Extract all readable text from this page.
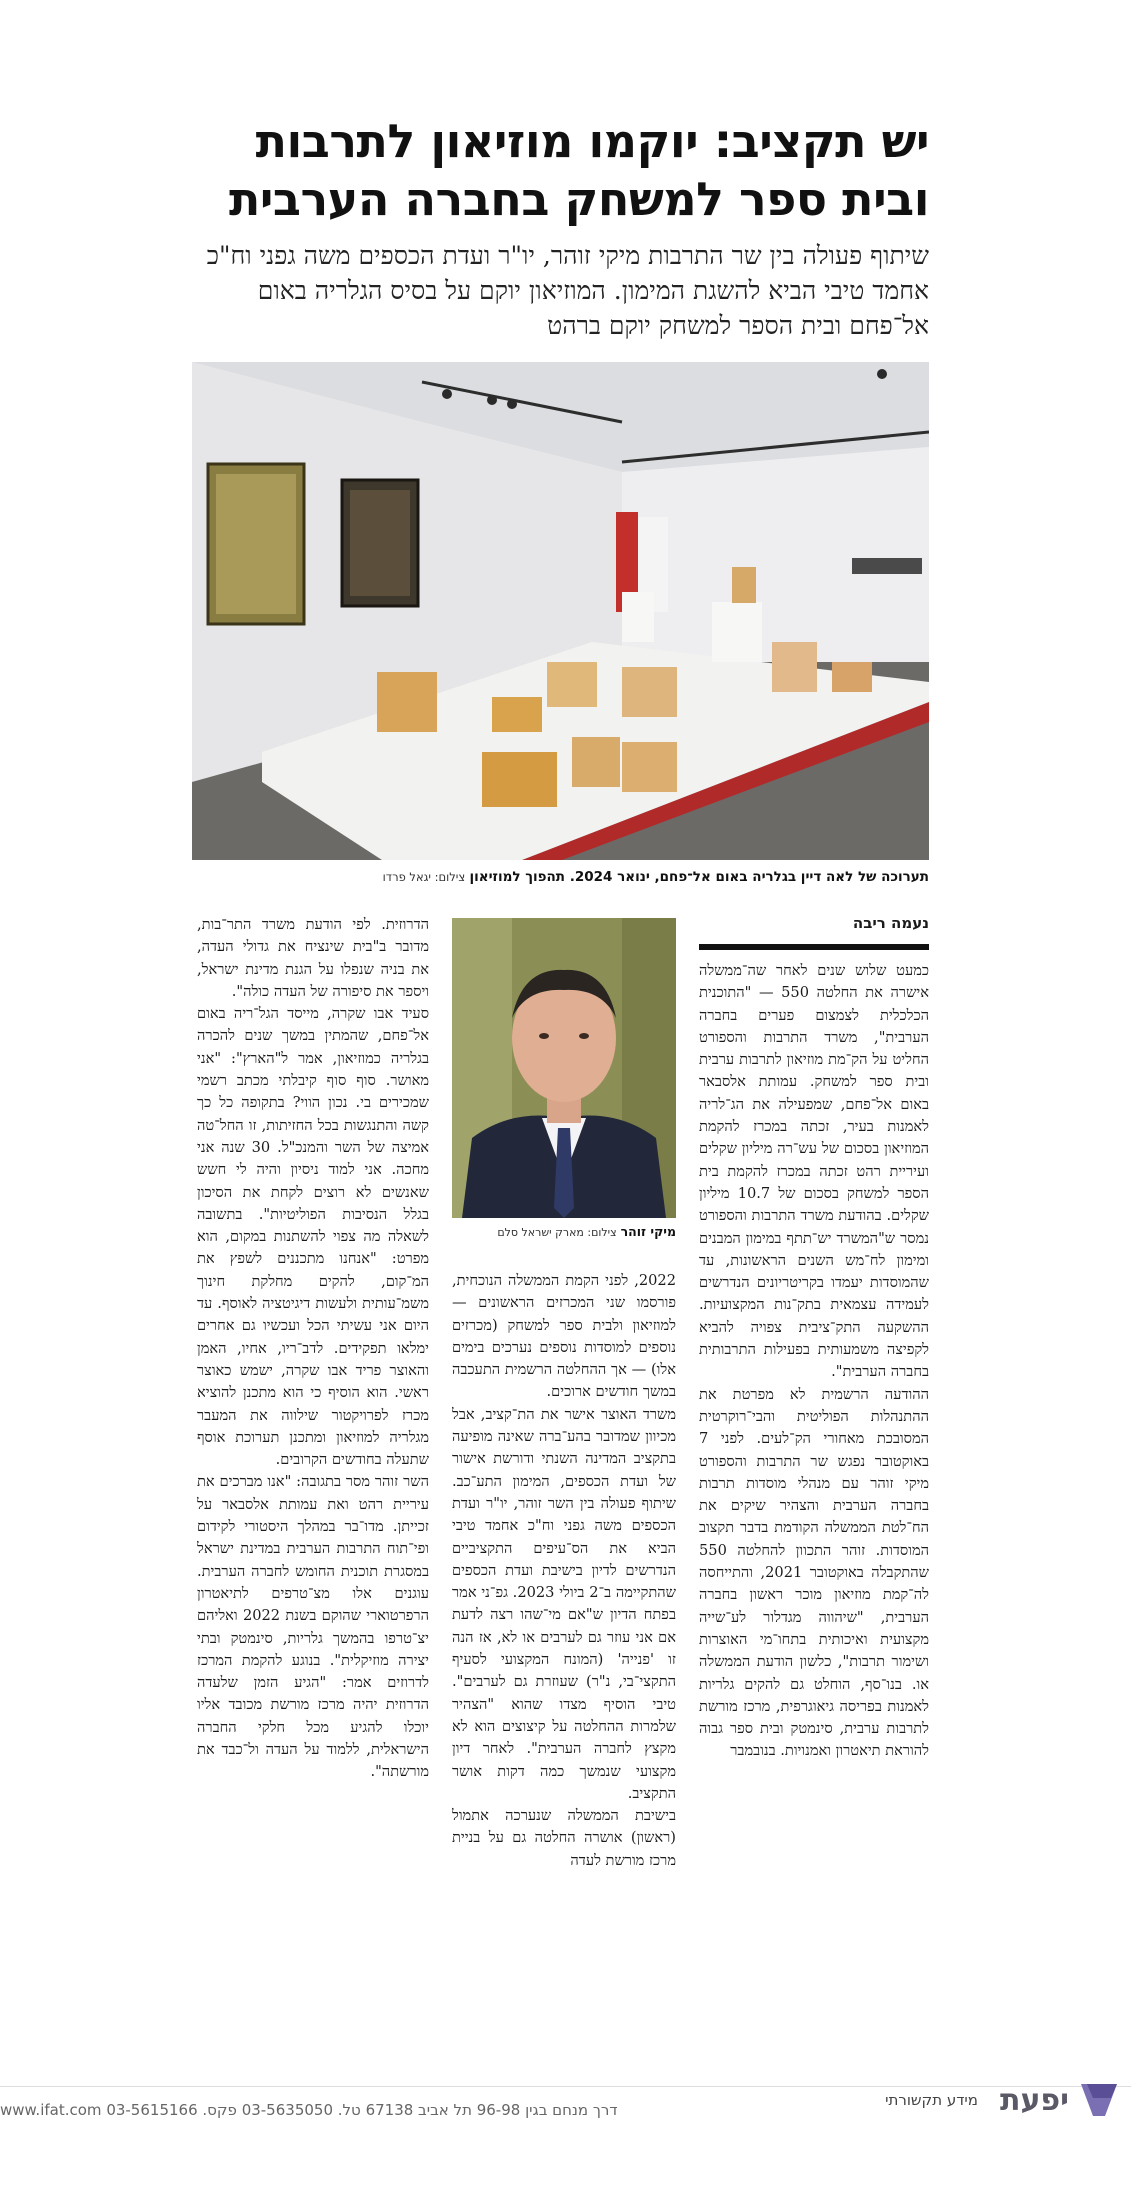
יש תקציב: יוקמו מוזיאון לתרבות ובית ספר למשחק בחברה הערבית
שיתוף פעולה בין שר התרבות מיקי זוהר, יו"ר ועדת הכספים משה גפני וח"כ אחמד טיבי הביא להשגת המימון. המוזיאון יוקם על בסיס הגלריה באום אל־פחם ובית הספר למשחק יוקם ברהט
תערוכה של לאה דיין בגלריה באום אל־פחם, ינואר 2024. תהפוך למוזיאון צילום: יגאל פרדו
נעמה ריבה

כמעט שלוש שנים לאחר שה־ממשלה אישרה את החלטה 550 — "התוכנית הכלכלית לצמצום פערים בחברה הערבית", משרד התרבות והספורט החליט על הק־מת מוזיאון לתרבות ערבית ובית ספר למשחק. עמותת אלסבאר באום אל־פחם, שמפעילה את הג־לריה לאמנות בעיר, זכתה במכרז להקמת המוזיאון בסכום של עש־רה מיליון שקלים ועיריית רהט זכתה במכרז להקמת בית הספר למשחק בסכום של 10.7 מיליון שקלים. בהודעת משרד התרבות והספורט נמסר ש"המשרד יש־תתף במימון המבנים ומימון לח־מש השנים הראשונות, עד שהמוסדות יעמדו בקריטריונים הנדרשים לעמידה עצמאית בתק־נות המקצועיות. ההשקעה התק־ציבית צפויה להביא לקפיצה משמעותית בפעילות התרבותית בחברה הערבית".

ההודעה הרשמית לא מפרטת את ההתנהלות הפוליטית והבי־רוקרטית המסובכת מאחורי הק־לעים. לפני 7 באוקטובר נפגש שר התרבות והספורט מיקי זוהר עם מנהלי מוסדות תרבות בחברה הערבית והצהיר שיקים את הח־לטת הממשלה הקודמת בדבר תקצוב המוסדות. זוהר התכוון להחלטה 550 שהתקבלה באוקטובר 2021, והתייחסה לה־קמת מוזיאון מוכר ראשון בחברה הערבית, "שיהווה מגדלור לע־שייה מקצועית ואיכותית בתחו־מי האוצרות ושימור תרבות", כלשון הודעת הממשלה או. בנו־סף, הוחלט גם להקים גלריות לאמנות בפריסה גיאוגרפית, מרכז מורשת לתרבות ערבית, סינמטק ובית ספר גבוה להוראת תיאטרון ואמנויות. בנובמבר

מיקי זוהר צילום: מארק ישראל סלם

2022, לפני הקמת הממשלה הנוכחית, פורסמו שני המכרזים הראשונים — למוזיאון ולבית ספר למשחק (מכרזים נוספים למוסדות נוספים נערכים בימים אלו) — אך ההחלטה הרשמית התעכבה במשך חודשים ארוכים.

משרד האוצר אישר את הת־קציב, אבל מכיוון שמדובר בהע־ברה שאינה מופיעה בתקציב המדינה השנתי ודורשת אישור של ועדת הכספים, המימון התע־כב. שיתוף פעולה בין השר זוהר, יו"ר ועדת הכספים משה גפני וח"כ אחמד טיבי הביא את הס־עיפים התקציביים הנדרשים לדיון בישיבת ועדת הכספים שהתקיימה ב־2 ביולי 2023. גפ־ני אמר בפתח הדיון ש"אם מי־שהו רצה לדעת אם אני עוזר גם לערבים או לא, אז הנה זו 'פנייה' (המונח המקצועי לסעיף התקצי־בי, נ"ר) שעוזרת גם לערבים". טיבי הוסיף מצדו שהוא "הצהיר שלמרות ההחלטה על קיצוצים הוא לא מקצץ לחברה הערבית". לאחר דיון מקצועי שנמשך כמה דקות אושר התקציב.

בישיבת הממשלה שנערכה אתמול (ראשון) אושרה החלטה גם על בניית מרכז מורשת לעדה

הדרוזית. לפי הודעת משרד התר־בות, מדובר ב"בית שינציח את גדולי העדה, את בניה שנפלו על הגנת מדינת ישראל, ויספר את סיפורה של העדה כולה".

סעיד אבו שקרה, מייסד הגל־ריה באום אל־פחם, שהמתין במשך שנים להכרה בגלריה כמוזיאון, אמר ל"הארץ": "אני מאושר. סוף סוף קיבלתי מכתב רשמי שמכירים בי. נכון הווי? בתקופה כל כך קשה והתנגשות בכל החזיתות, זו החל־טה אמיצה של השר והמנכ"ל. 30 שנה אני מחכה. אני למוד ניסיון והיה לי חשש שאנשים לא רוצים לקחת את הסיכון בגלל הנסיבות הפוליטיות". בתשובה לשאלה מה צפוי להשתנות במקום, הוא מפרט: "אנחנו מתכננים לשפץ את המ־קום, להקים מחלקת חינוך משמ־עותית ולעשות דיגיטציה לאוסף. עד היום אני עשיתי הכל ועכשיו גם אחרים ימלאו תפקידים. לדב־ריו, אחיו, האמן והאוצר פריד אבו שקרה, ישמש כאוצר ראשי. הוא הוסיף כי הוא מתכנן להוציא מכרז לפרויקטור שילווה את המעבר מגלריה למוזיאון ומתכנן תערוכת אוסף שתעלה בחודשים הקרובים.

השר זוהר מסר בתגובה: "אנו מברכים את עיריית רהט ואת עמותת אלסבאר על זכייתן. מדו־בר במהלך היסטורי לקידום ופי־תוח התרבות הערבית במדינת ישראל במסגרת תוכנית החומש לחברה הערבית. עוגנים אלו מצ־טרפים לתיאטרון הרפרטוארי שהוקם בשנת 2022 ואליהם יצ־טרפו בהמשך גלריות, סינמטק ובתי יצירה מוזיקלית". בנוגע להקמת המרכז לדרוזים אמר: "הגיע הזמן שלעדה הדרוזית יהיה מרכז מורשת מכובד אליו יוכלו להגיע מכל חלקי החברה הישראלית, ללמוד על העדה ול־כבד את מורשתה".

יפעת
מידע תקשורתי
דרך מנחם בגין 96-98 תל אביב 67138 טל. 03-5635050 פקס. 03-5615166 www.ifat.com
